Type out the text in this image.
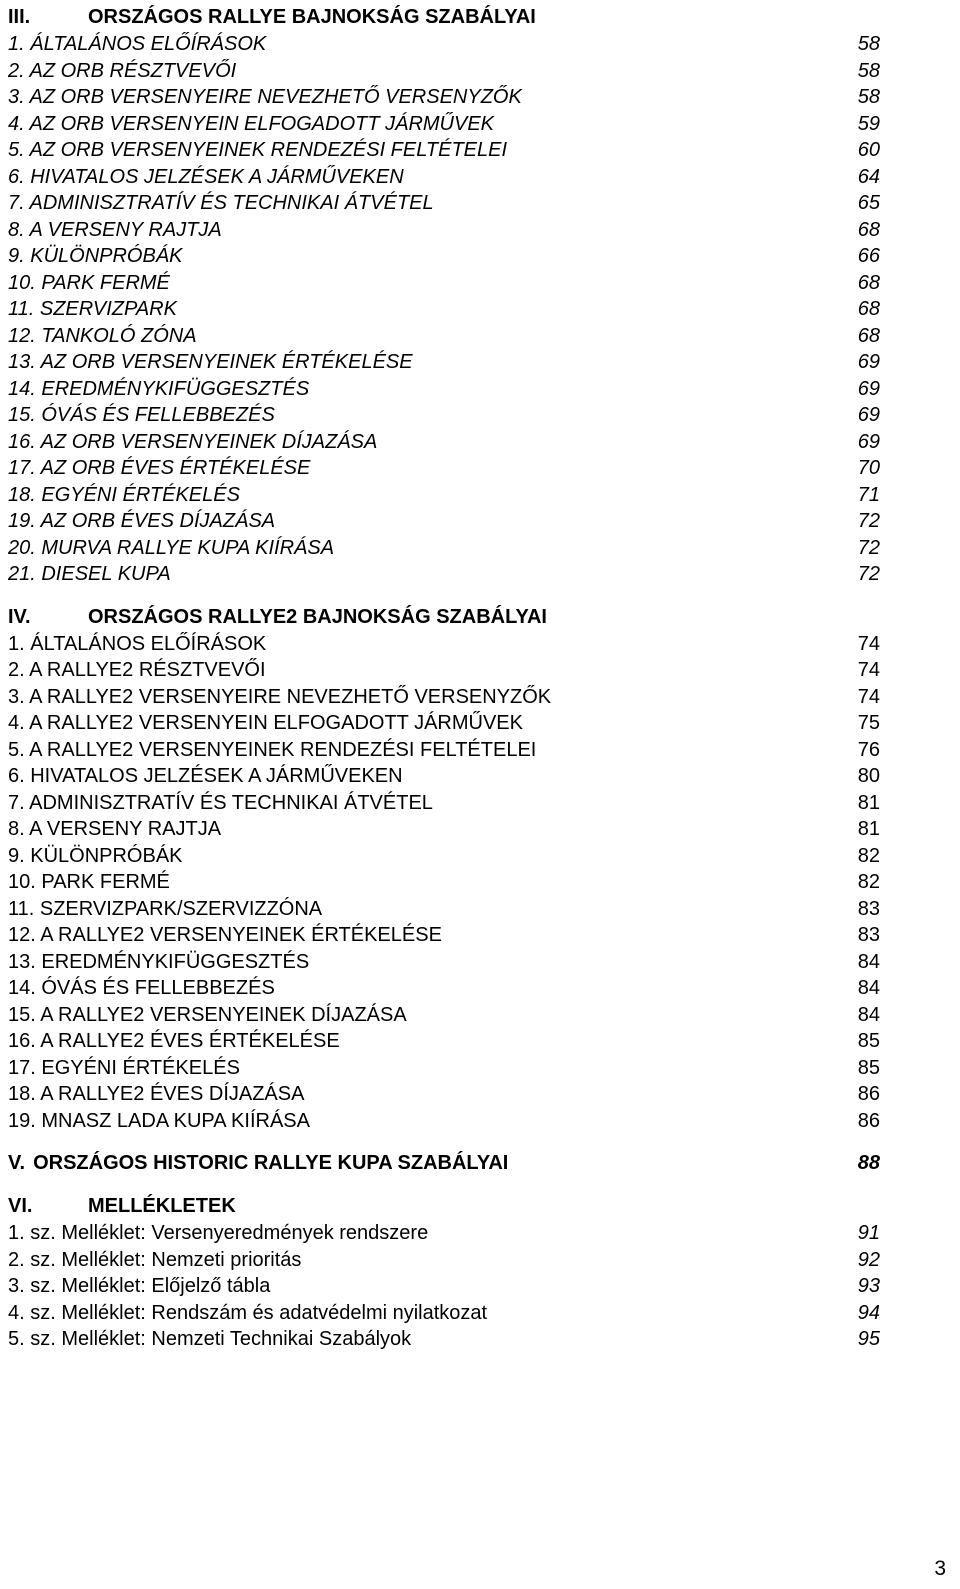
III.	ORSZÁGOS RALLYE BAJNOKSÁG SZABÁLYAI
1. ÁLTALÁNOS ELŐÍRÁSOK	58
2. AZ ORB RÉSZTVEVŐI	58
3. AZ ORB VERSENYEIRE NEVEZHETŐ VERSENYZŐK	58
4. AZ ORB VERSENYEIN ELFOGADOTT JÁRMŰVEK	59
5. AZ ORB VERSENYEINEK RENDEZÉSI FELTÉTELEI	60
6. HIVATALOS JELZÉSEK A JÁRMŰVEKEN	64
7. ADMINISZTRATÍV ÉS TECHNIKAI ÁTVÉTEL	65
8. A VERSENY RAJTJA	68
9. KÜLÖNPRÓBÁK	66
10. PARK FERMÉ	68
11. SZERVIZPARK	68
12. TANKOLÓ ZÓNA	68
13. AZ ORB VERSENYEINEK ÉRTÉKELÉSE	69
14. EREDMÉNYKIFÜGGESZTÉS	69
15. ÓVÁS ÉS FELLEBBEZÉS	69
16. AZ ORB VERSENYEINEK DÍJAZÁSA	69
17. AZ ORB ÉVES ÉRTÉKELÉSE	70
18. EGYÉNI ÉRTÉKELÉS	71
19. AZ ORB ÉVES DÍJAZÁSA	72
20. MURVA RALLYE KUPA KIÍRÁSA	72
21. DIESEL KUPA	72
IV.	ORSZÁGOS RALLYE2 BAJNOKSÁG SZABÁLYAI
1. ÁLTALÁNOS ELŐÍRÁSOK	74
2. A RALLYE2 RÉSZTVEVŐI	74
3. A RALLYE2 VERSENYEIRE NEVEZHETŐ VERSENYZŐK	74
4. A RALLYE2 VERSENYEIN ELFOGADOTT JÁRMŰVEK	75
5. A RALLYE2 VERSENYEINEK RENDEZÉSI FELTÉTELEI	76
6. HIVATALOS JELZÉSEK A JÁRMŰVEKEN	80
7. ADMINISZTRATÍV ÉS TECHNIKAI ÁTVÉTEL	81
8. A VERSENY RAJTJA	81
9. KÜLÖNPRÓBÁK	82
10. PARK FERMÉ	82
11. SZERVIZPARK/SZERVIZZÓNA	83
12. A RALLYE2 VERSENYEINEK ÉRTÉKELÉSE	83
13. EREDMÉNYKIFÜGGESZTÉS	84
14. ÓVÁS ÉS FELLEBBEZÉS	84
15. A RALLYE2 VERSENYEINEK DÍJAZÁSA	84
16. A RALLYE2 ÉVES ÉRTÉKELÉSE	85
17. EGYÉNI ÉRTÉKELÉS	85
18. A RALLYE2 ÉVES DÍJAZÁSA	86
19. MNASZ LADA KUPA KIÍRÁSA	86
V. ORSZÁGOS HISTORIC RALLYE KUPA SZABÁLYAI	88
VI.	MELLÉKLETEK
1. sz. Melléklet: Versenyeredmények rendszere	91
2. sz. Melléklet: Nemzeti prioritás	92
3. sz. Melléklet: Előjelző tábla	93
4. sz. Melléklet: Rendszám és adatvédelmi nyilatkozat	94
5. sz. Melléklet: Nemzeti Technikai Szabályok	95
3
